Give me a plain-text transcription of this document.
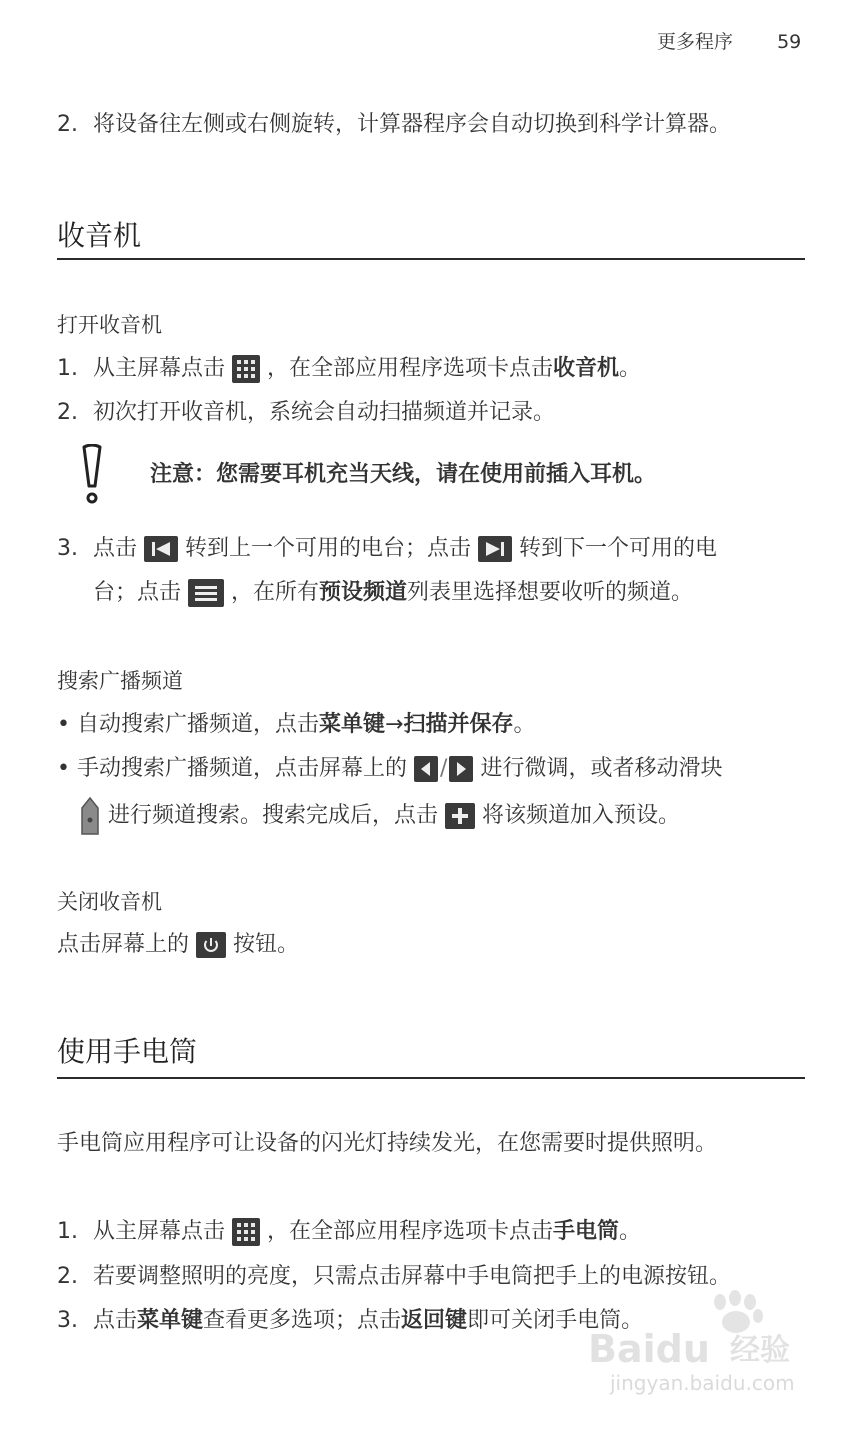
更多程序 59
2. 将设备往左侧或右侧旋转，计算器程序会自动切换到科学计算器。
收音机
打开收音机
1. 从主屏幕点击 ，在全部应用程序选项卡点击收音机。
2. 初次打开收音机，系统会自动扫描频道并记录。
注意：您需要耳机充当天线，请在使用前插入耳机。
3. 点击 转到上一个可用的电台；点击 转到下一个可用的电
台；点击 ，在所有预设频道列表里选择想要收听的频道。
搜索广播频道
• 自动搜索广播频道，点击菜单键→扫描并保存。
• 手动搜索广播频道，点击屏幕上的 / 进行微调，或者移动滑块
进行频道搜索。搜索完成后，点击 将该频道加入预设。
关闭收音机
点击屏幕上的 按钮。
使用手电筒
手电筒应用程序可让设备的闪光灯持续发光，在您需要时提供照明。
1. 从主屏幕点击 ，在全部应用程序选项卡点击手电筒。
2. 若要调整照明的亮度，只需点击屏幕中手电筒把手上的电源按钮。
3. 点击菜单键查看更多选项；点击返回键即可关闭手电筒。
Baidu 经验
jingyan.baidu.com
